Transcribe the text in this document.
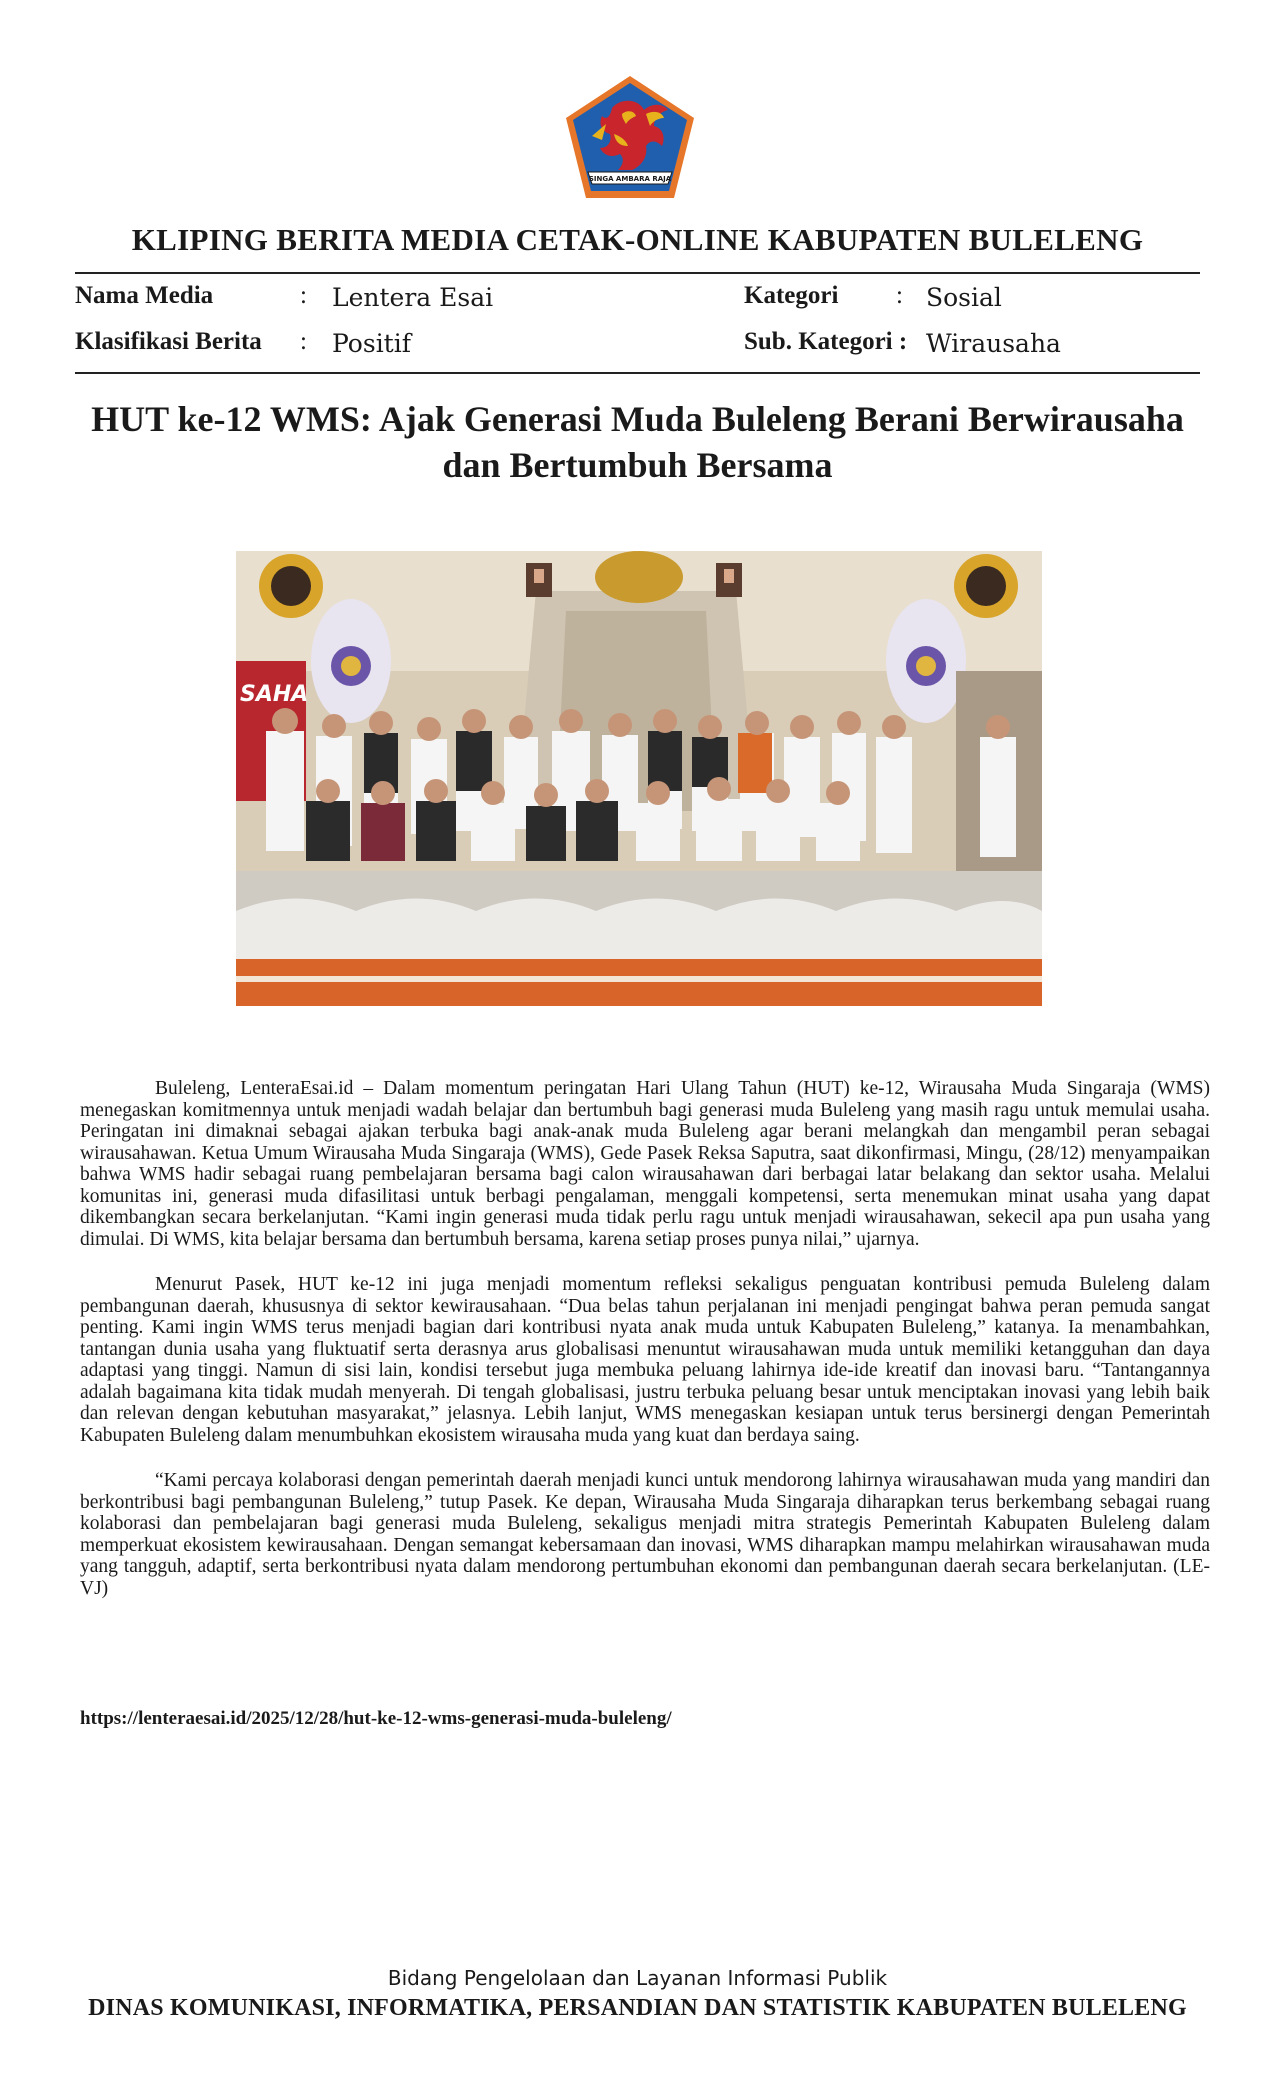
SINGA AMBARA RAJA
KLIPING BERITA MEDIA CETAK-ONLINE KABUPATEN BULELENG
Nama Media	: Lentera Esai
Klasifikasi Berita : Positif
Kategori : Sosial
Sub. Kategori : Wirausaha
HUT ke-12 WMS: Ajak Generasi Muda Buleleng Berani Berwirausaha
dan Bertumbuh Bersama
SAHA

Buleleng, LenteraEsai.id – Dalam momentum peringatan Hari Ulang Tahun (HUT) ke-12, Wirausaha Muda Singaraja (WMS) menegaskan komitmennya untuk menjadi wadah belajar dan bertumbuh bagi generasi muda Buleleng yang masih ragu untuk memulai usaha. Peringatan ini dimaknai sebagai ajakan terbuka bagi anak-anak muda Buleleng agar berani melangkah dan mengambil peran sebagai wirausahawan. Ketua Umum Wirausaha Muda Singaraja (WMS), Gede Pasek Reksa Saputra, saat dikonfirmasi, Mingu, (28/12) menyampaikan bahwa WMS hadir sebagai ruang pembelajaran bersama bagi calon wirausahawan dari berbagai latar belakang dan sektor usaha. Melalui komunitas ini, generasi muda difasilitasi untuk berbagi pengalaman, menggali kompetensi, serta menemukan minat usaha yang dapat dikembangkan secara berkelanjutan. “Kami ingin generasi muda tidak perlu ragu untuk menjadi wirausahawan, sekecil apa pun usaha yang dimulai. Di WMS, kita belajar bersama dan bertumbuh bersama, karena setiap proses punya nilai,” ujarnya.

Menurut Pasek, HUT ke-12 ini juga menjadi momentum refleksi sekaligus penguatan kontribusi pemuda Buleleng dalam pembangunan daerah, khususnya di sektor kewirausahaan. “Dua belas tahun perjalanan ini menjadi pengingat bahwa peran pemuda sangat penting. Kami ingin WMS terus menjadi bagian dari kontribusi nyata anak muda untuk Kabupaten Buleleng,” katanya. Ia menambahkan, tantangan dunia usaha yang fluktuatif serta derasnya arus globalisasi menuntut wirausahawan muda untuk memiliki ketangguhan dan daya adaptasi yang tinggi. Namun di sisi lain, kondisi tersebut juga membuka peluang lahirnya ide-ide kreatif dan inovasi baru. “Tantangannya adalah bagaimana kita tidak mudah menyerah. Di tengah globalisasi, justru terbuka peluang besar untuk menciptakan inovasi yang lebih baik dan relevan dengan kebutuhan masyarakat,” jelasnya. Lebih lanjut, WMS menegaskan kesiapan untuk terus bersinergi dengan Pemerintah Kabupaten Buleleng dalam menumbuhkan ekosistem wirausaha muda yang kuat dan berdaya saing.

“Kami percaya kolaborasi dengan pemerintah daerah menjadi kunci untuk mendorong lahirnya wirausahawan muda yang mandiri dan berkontribusi bagi pembangunan Buleleng,” tutup Pasek. Ke depan, Wirausaha Muda Singaraja diharapkan terus berkembang sebagai ruang kolaborasi dan pembelajaran bagi generasi muda Buleleng, sekaligus menjadi mitra strategis Pemerintah Kabupaten Buleleng dalam memperkuat ekosistem kewirausahaan. Dengan semangat kebersamaan dan inovasi, WMS diharapkan mampu melahirkan wirausahawan muda yang tangguh, adaptif, serta berkontribusi nyata dalam mendorong pertumbuhan ekonomi dan pembangunan daerah secara berkelanjutan. (LE-VJ)

https://lenteraesai.id/2025/12/28/hut-ke-12-wms-generasi-muda-buleleng/
Bidang Pengelolaan dan Layanan Informasi Publik
DINAS KOMUNIKASI, INFORMATIKA, PERSANDIAN DAN STATISTIK KABUPATEN BULELENG
